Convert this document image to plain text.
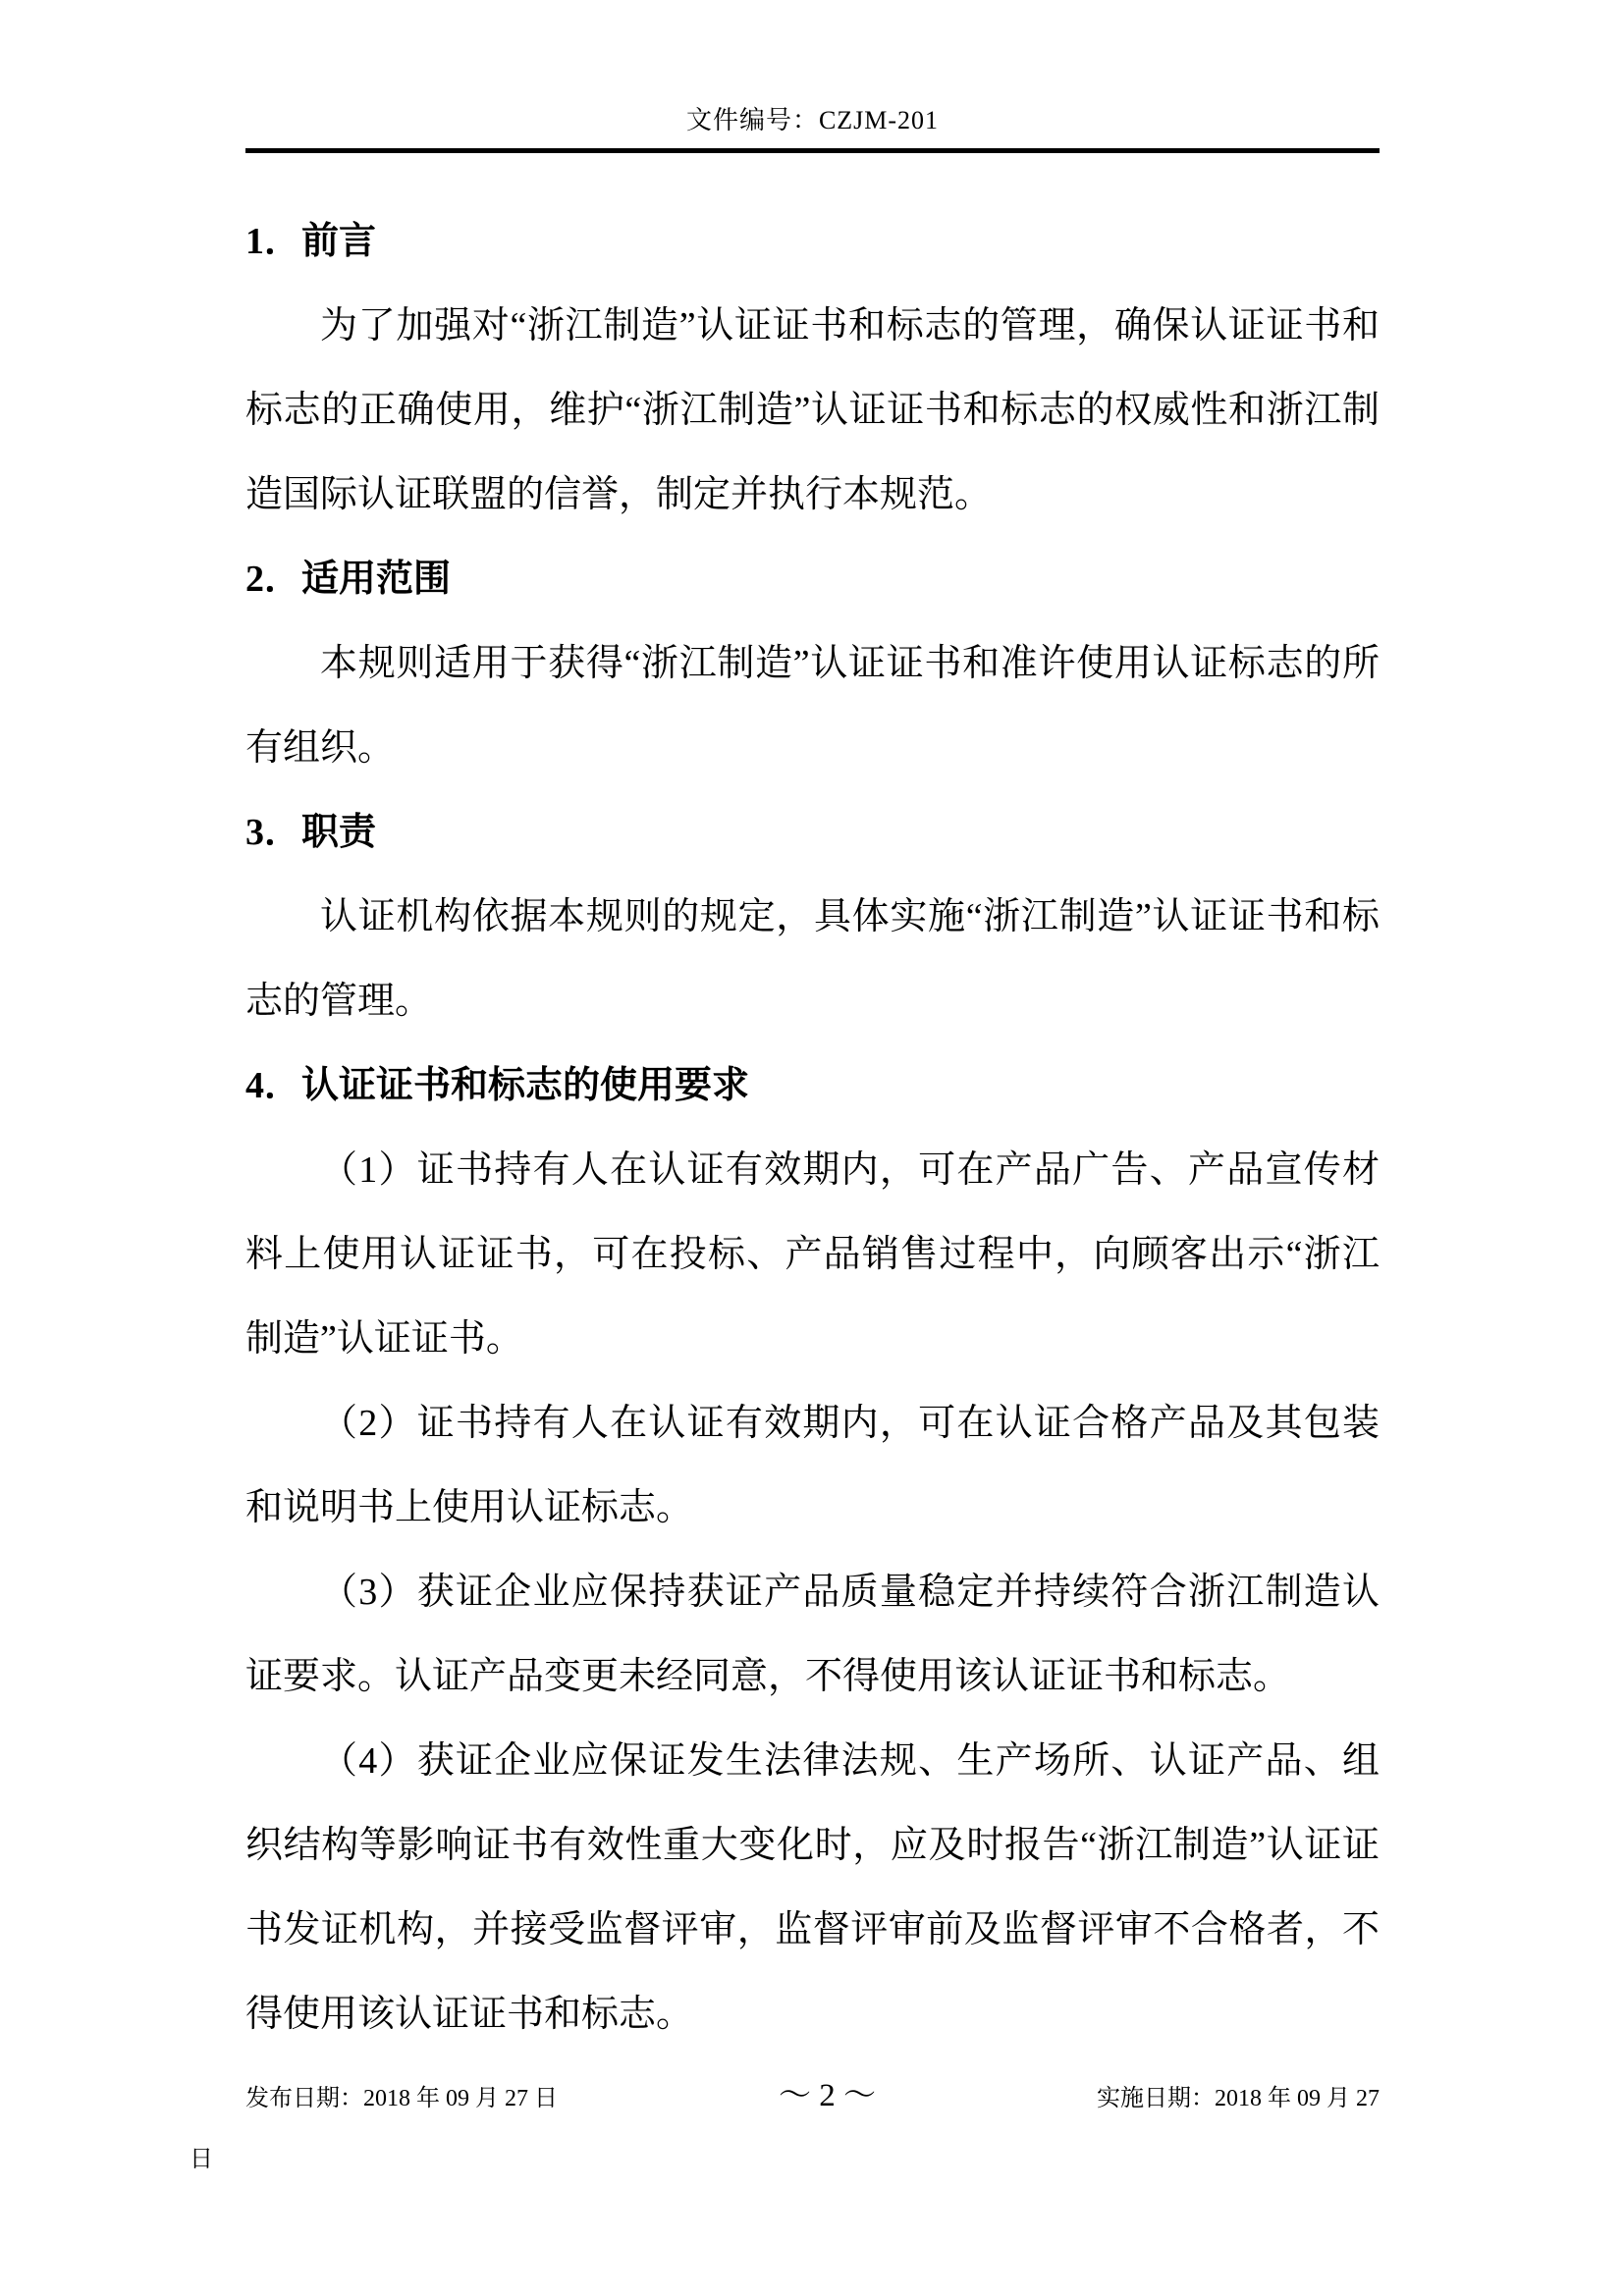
文件编号：CZJM-201
1．前言

为了加强对“浙江制造”认证证书和标志的管理，确保认证证书和标志的正确使用，维护“浙江制造”认证证书和标志的权威性和浙江制造国际认证联盟的信誉，制定并执行本规范。

2．适用范围

本规则适用于获得“浙江制造”认证证书和准许使用认证标志的所有组织。

3．职责

认证机构依据本规则的规定，具体实施“浙江制造”认证证书和标志的管理。

4．认证证书和标志的使用要求

（1）证书持有人在认证有效期内，可在产品广告、产品宣传材料上使用认证证书，可在投标、产品销售过程中，向顾客出示“浙江制造”认证证书。

（2）证书持有人在认证有效期内，可在认证合格产品及其包装和说明书上使用认证标志。

（3）获证企业应保持获证产品质量稳定并持续符合浙江制造认证要求。认证产品变更未经同意，不得使用该认证证书和标志。

（4）获证企业应保证发生法律法规、生产场所、认证产品、组织结构等影响证书有效性重大变化时，应及时报告“浙江制造”认证证书发证机构，并接受监督评审，监督评审前及监督评审不合格者，不得使用该认证证书和标志。

发布日期：2018 年 09 月 27 日	～ 2 ～	实施日期：2018 年 09 月 27
日
